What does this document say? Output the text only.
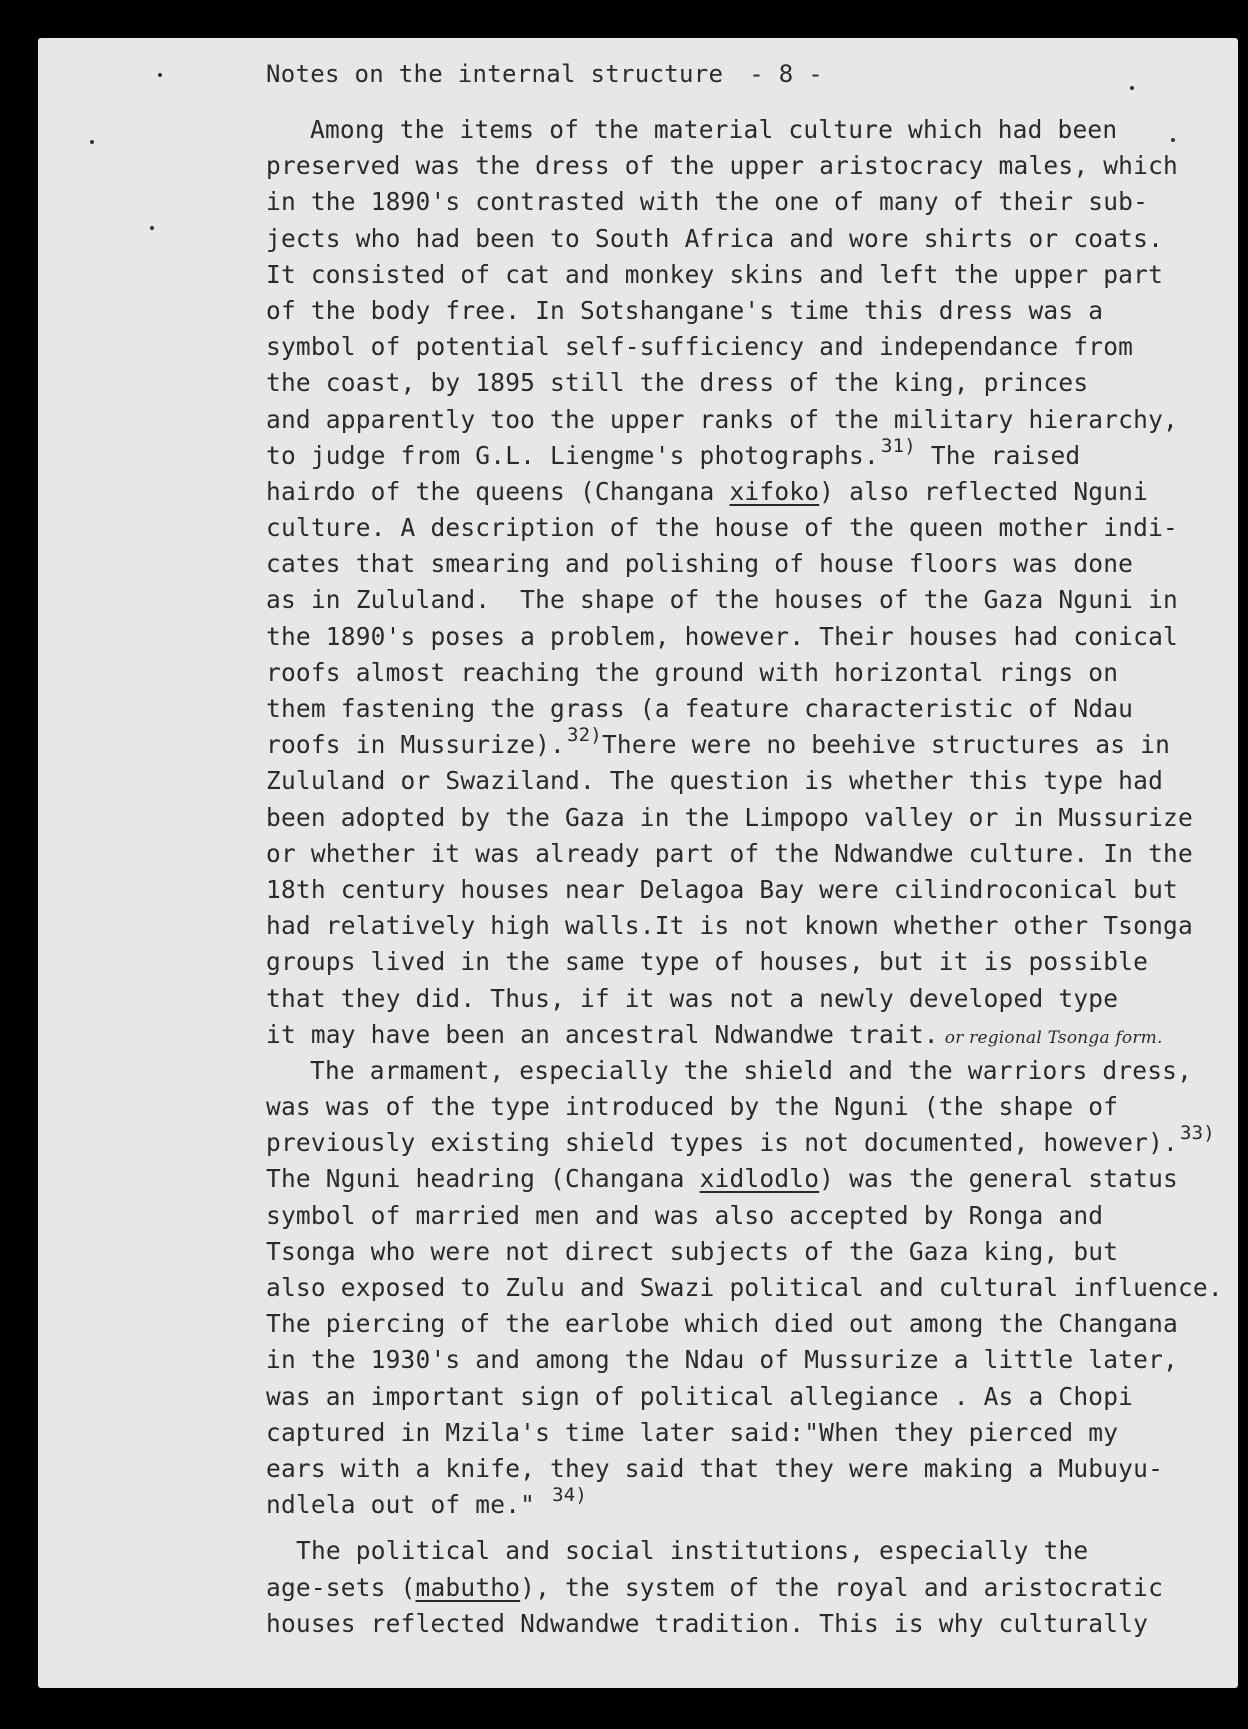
Notes on the internal structure - 8 -
Among the items of the material culture which had been
preserved was the dress of the upper aristocracy males, which
in the 1890's contrasted with the one of many of their sub-
jects who had been to South Africa and wore shirts or coats.
It consisted of cat and monkey skins and left the upper part
of the body free. In Sotshangane's time this dress was a
symbol of potential self-sufficiency and independance from
the coast, by 1895 still the dress of the king, princes
and apparently too the upper ranks of the military hierarchy,
to judge from G.L. Liengme's photographs. $^{31)}$ The raised
hairdo of the queens (Changana xifoko) also reflected Nguni
culture. A description of the house of the queen mother indi-
cates that smearing and polishing of house floors was done
as in Zululand.  The shape of the houses of the Gaza Nguni in
the 1890's poses a problem, however. Their houses had conical
roofs almost reaching the ground with horizontal rings on
them fastening the grass (a feature characteristic of Ndau
roofs in Mussurize). $^{32)}$There were no beehive structures as in
Zululand or Swaziland. The question is whether this type had
been adopted by the Gaza in the Limpopo valley or in Mussurize
or whether it was already part of the Ndwandwe culture. In the
18th century houses near Delagoa Bay were cilindroconical but
had relatively high walls.It is not known whether other Tsonga
groups lived in the same type of houses, but it is possible
that they did. Thus, if it was not a newly developed type
it may have been an ancestral Ndwandwe trait. or regional Tsonga form.
The armament, especially the shield and the warriors dress,
was was of the type introduced by the Nguni (the shape of
previously existing shield types is not documented, however). $^{33)}$
The Nguni headring (Changana xidlodlo) was the general status
symbol of married men and was also accepted by Ronga and
Tsonga who were not direct subjects of the Gaza king, but
also exposed to Zulu and Swazi political and cultural influence.
The piercing of the earlobe which died out among the Changana
in the 1930's and among the Ndau of Mussurize a little later,
was an important sign of political allegiance . As a Chopi
captured in Mzila's time later said:"When they pierced my
ears with a knife, they said that they were making a Mubuyu-
ndlela out of me." $^{34)}$
The political and social institutions, especially the
age-sets (mabutho), the system of the royal and aristocratic
houses reflected Ndwandwe tradition. This is why culturally
